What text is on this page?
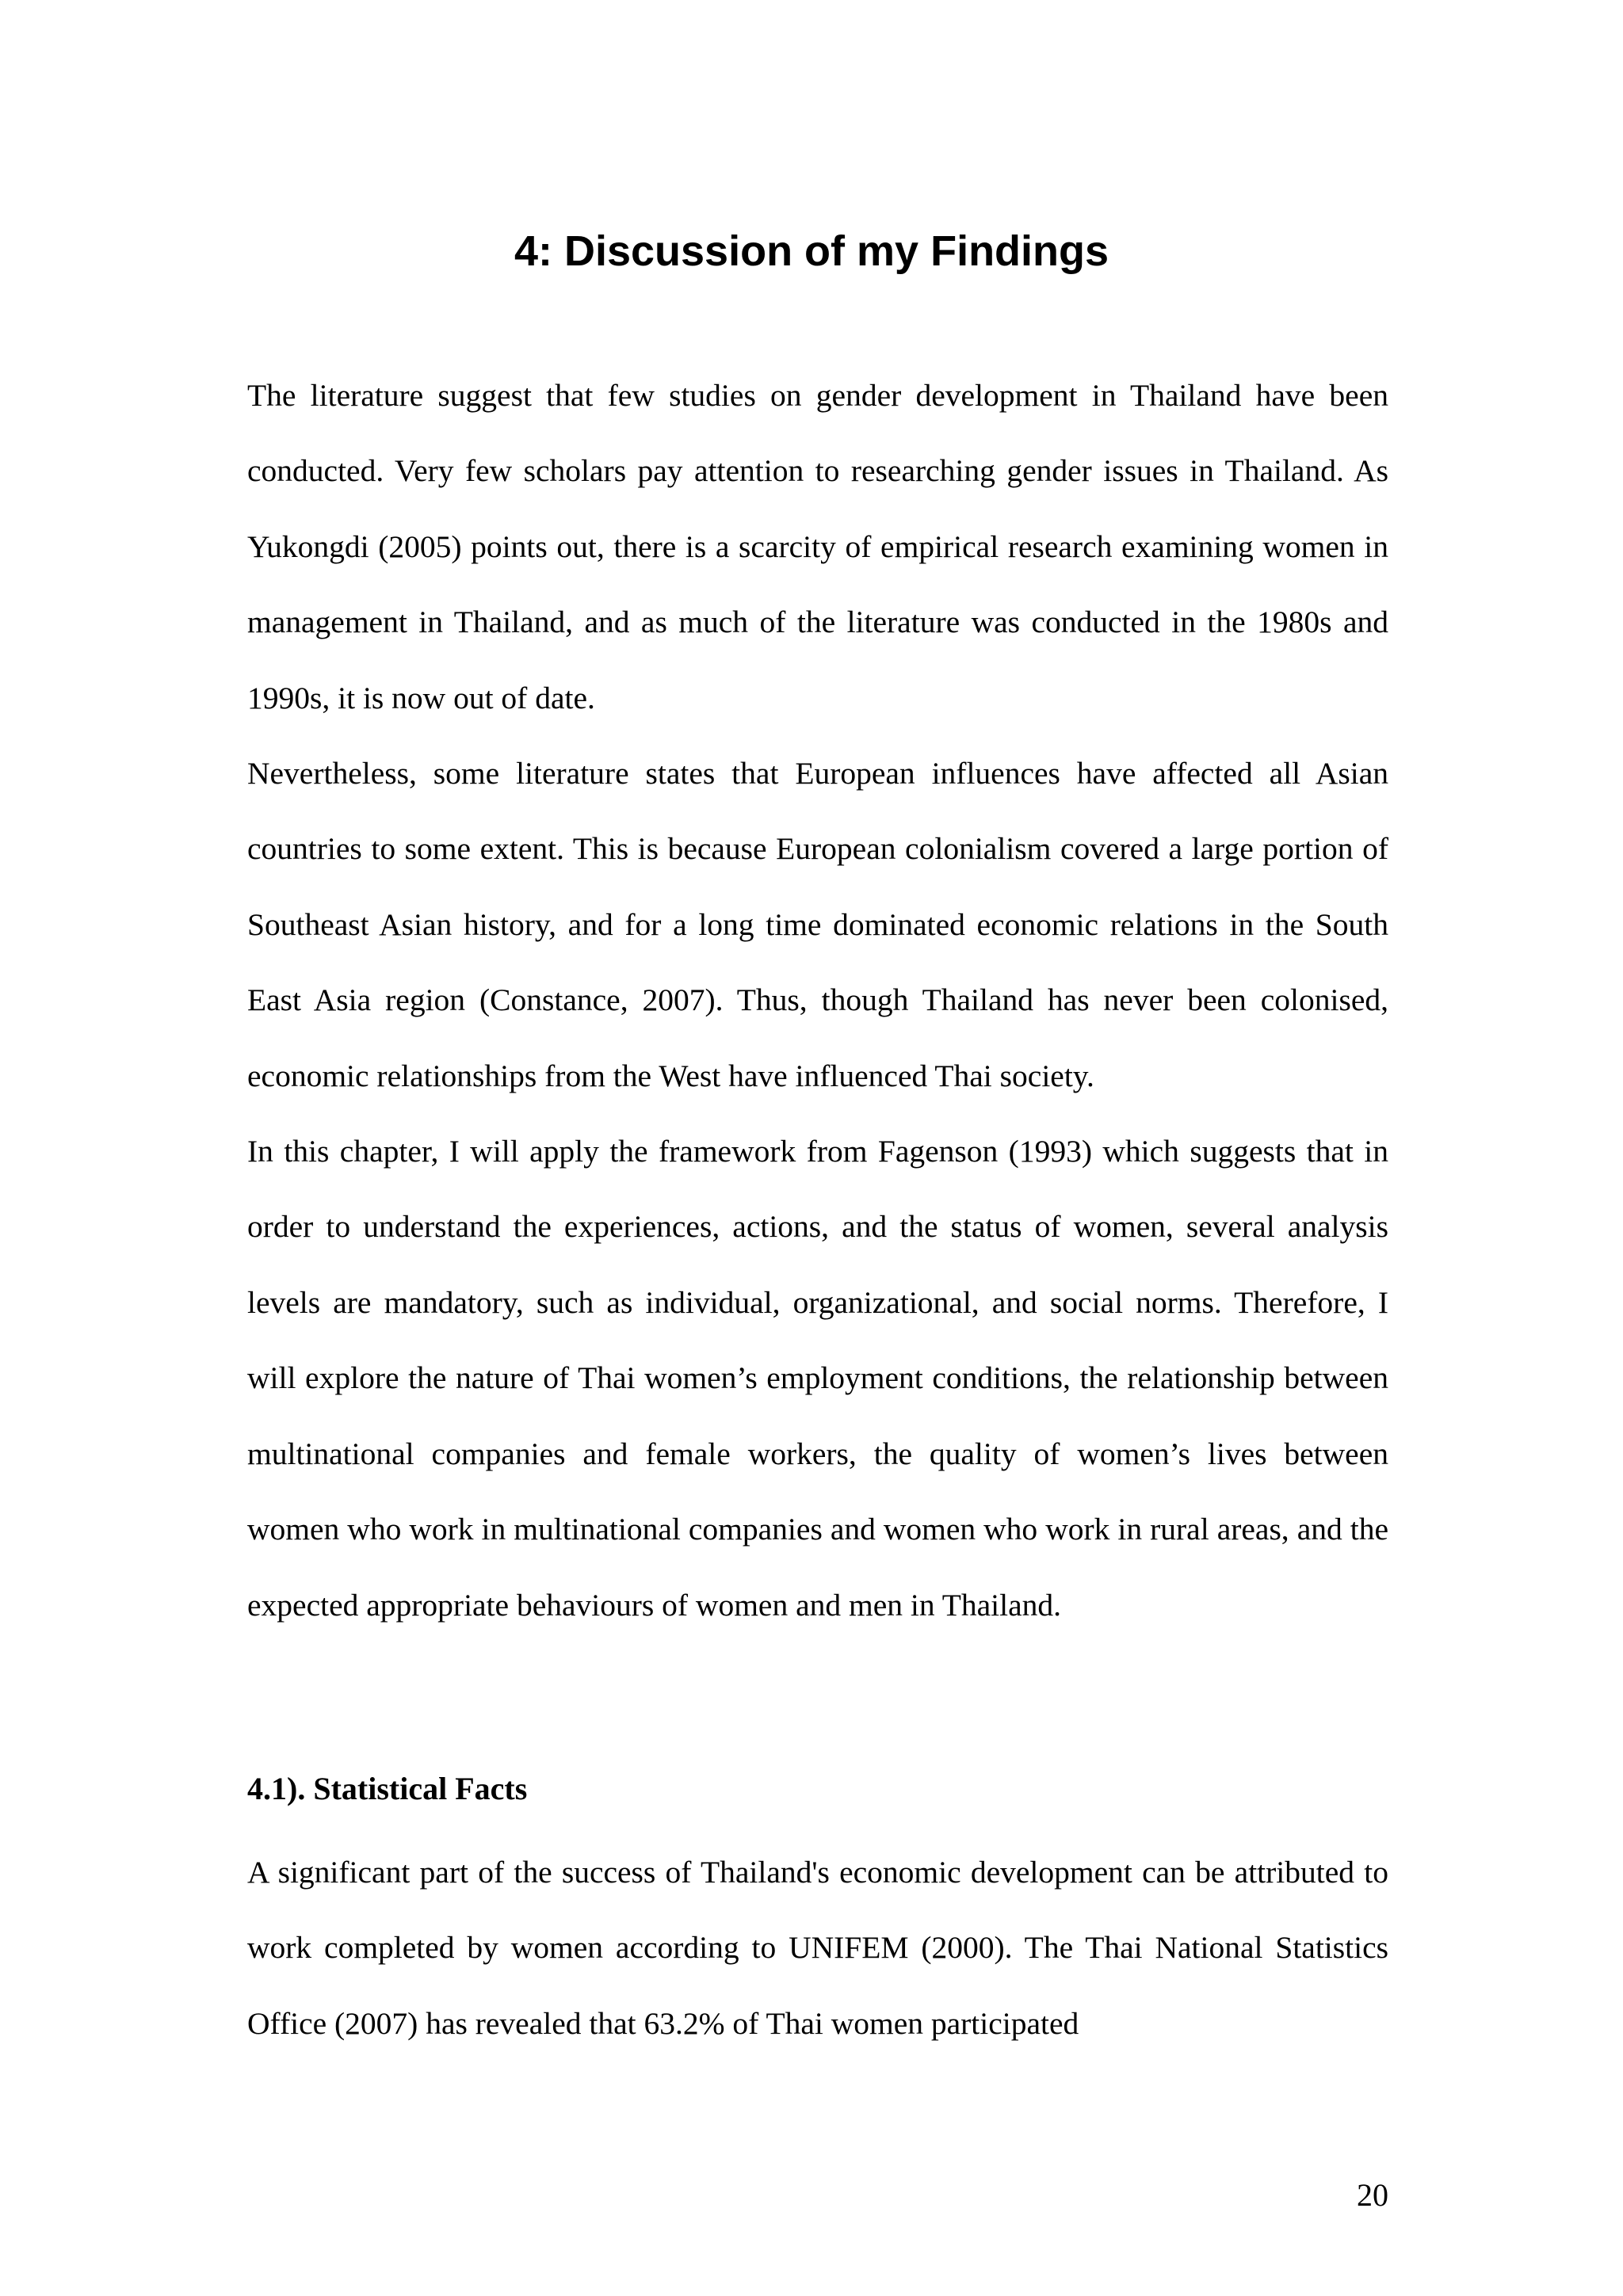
4: Discussion of my Findings

The literature suggest that few studies on gender development in Thailand have been conducted. Very few scholars pay attention to researching gender issues in Thailand. As Yukongdi (2005) points out, there is a scarcity of empirical research examining women in management in Thailand, and as much of the literature was conducted in the 1980s and 1990s, it is now out of date.

Nevertheless, some literature states that European influences have affected all Asian countries to some extent. This is because European colonialism covered a large portion of Southeast Asian history, and for a long time dominated economic relations in the South East Asia region (Constance, 2007). Thus, though Thailand has never been colonised, economic relationships from the West have influenced Thai society.

In this chapter, I will apply the framework from Fagenson (1993) which suggests that in order to understand the experiences, actions, and the status of women, several analysis levels are mandatory, such as individual, organizational, and social norms. Therefore, I will explore the nature of Thai women’s employment conditions, the relationship between multinational companies and female workers, the quality of women’s lives between women who work in multinational companies and women who work in rural areas, and the expected appropriate behaviours of women and men in Thailand.

4.1). Statistical Facts

A significant part of the success of Thailand's economic development can be attributed to work completed by women according to UNIFEM (2000). The Thai National Statistics Office (2007) has revealed that 63.2% of Thai women participated

20
